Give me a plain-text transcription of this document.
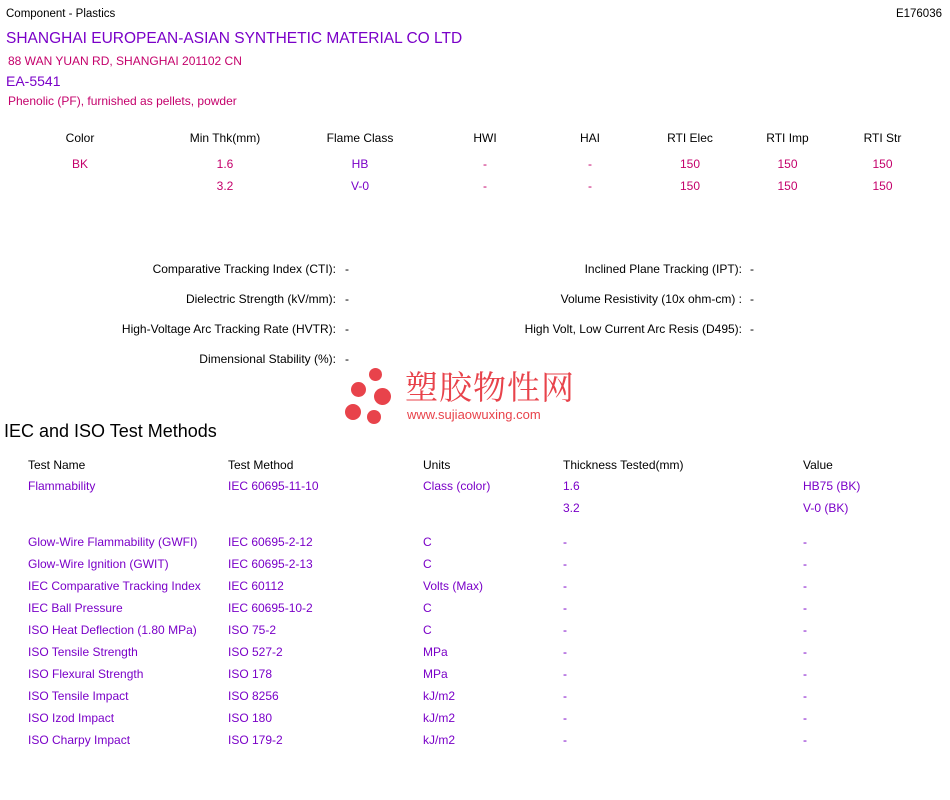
Component - Plastics	E176036
SHANGHAI EUROPEAN-ASIAN SYNTHETIC MATERIAL CO LTD
88 WAN YUAN RD, SHANGHAI 201102 CN
EA-5541
Phenolic (PF), furnished as pellets, powder
Color	Min Thk(mm)	Flame Class	HWI	HAI	RTI Elec	RTI Imp	RTI Str
BK	1.6	HB	-	-	150	150	150
	3.2	V-0	-	-	150	150	150
Comparative Tracking Index (CTI): -	Inclined Plane Tracking (IPT): -
Dielectric Strength (kV/mm): -	Volume Resistivity (10x ohm-cm) : -
High-Voltage Arc Tracking Rate (HVTR): -	High Volt, Low Current Arc Resis (D495): -
Dimensional Stability (%): -
塑胶物性网
www.sujiaowuxing.com
IEC and ISO Test Methods
Test Name	Test Method	Units	Thickness Tested(mm)	Value
Flammability	IEC 60695-11-10	Class (color)	1.6	HB75 (BK)
			3.2	V-0 (BK)

Glow-Wire Flammability (GWFI)	IEC 60695-2-12	C	-	-
Glow-Wire Ignition (GWIT)	IEC 60695-2-13	C	-	-
IEC Comparative Tracking Index	IEC 60112	Volts (Max)	-	-
IEC Ball Pressure	IEC 60695-10-2	C	-	-
ISO Heat Deflection (1.80 MPa)	ISO 75-2	C	-	-
ISO Tensile Strength	ISO 527-2	MPa	-	-
ISO Flexural Strength	ISO 178	MPa	-	-
ISO Tensile Impact	ISO 8256	kJ/m2	-	-
ISO Izod Impact	ISO 180	kJ/m2	-	-
ISO Charpy Impact	ISO 179-2	kJ/m2	-	-
